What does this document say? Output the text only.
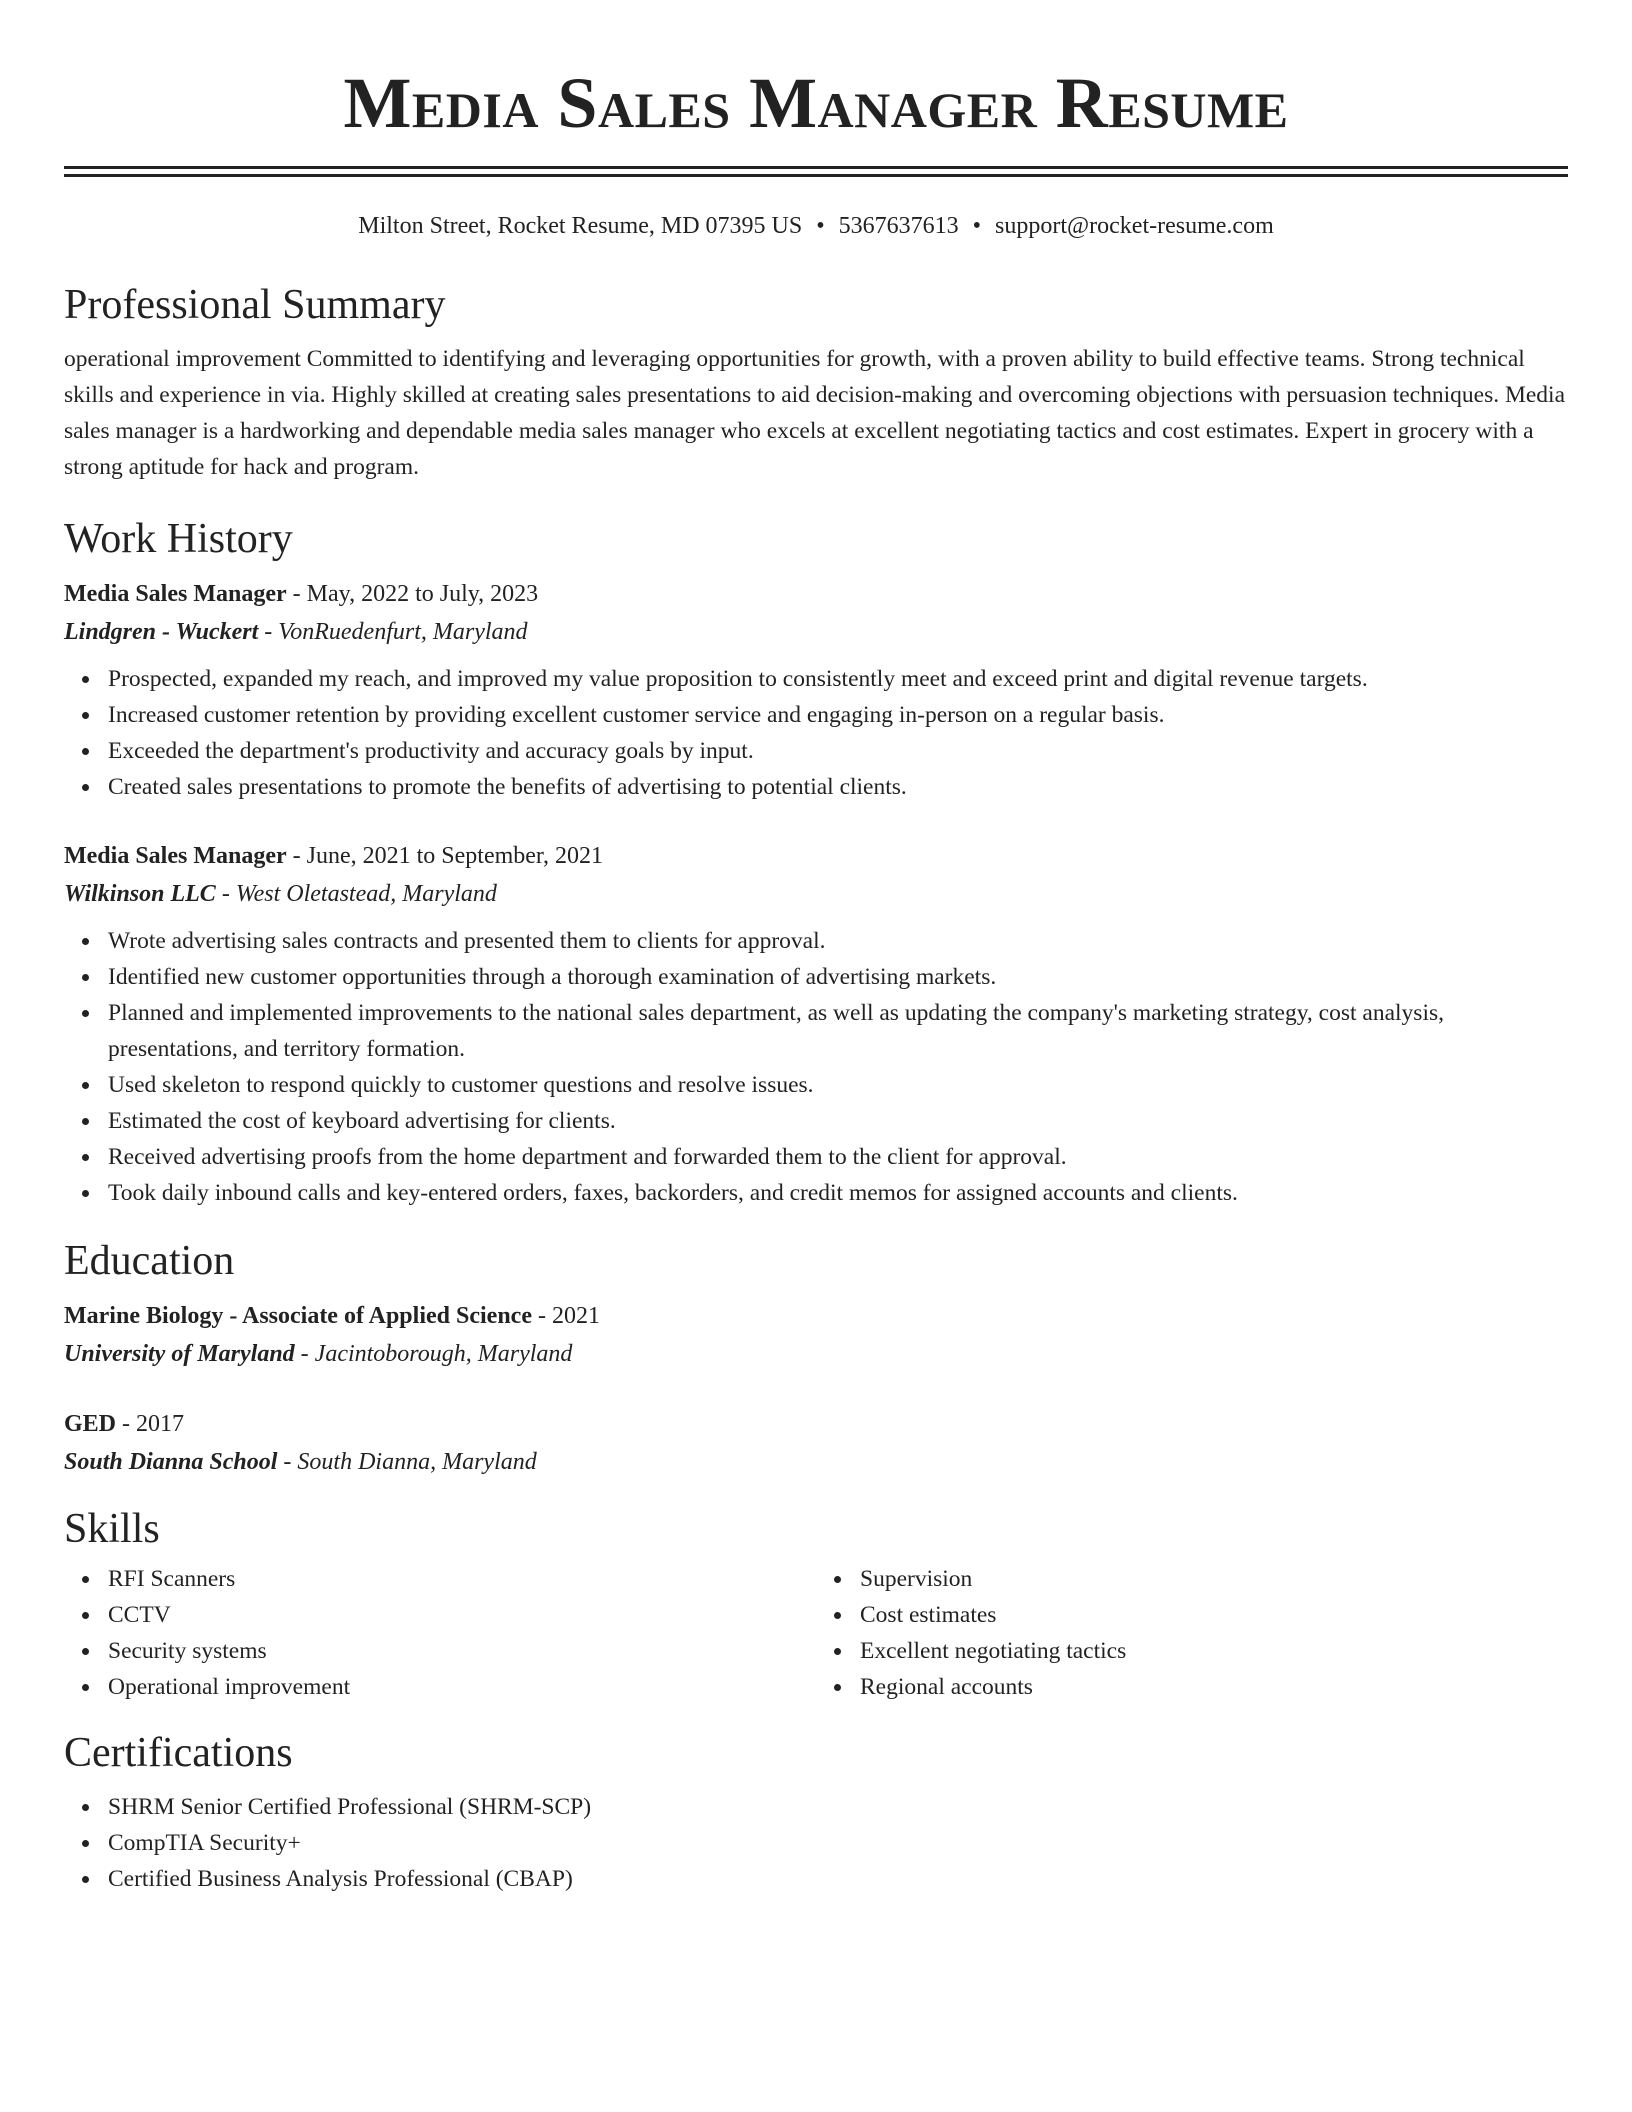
Media Sales Manager Resume
Milton Street, Rocket Resume, MD 07395 US • 5367637613 • support@rocket-resume.com
Professional Summary

operational improvement Committed to identifying and leveraging opportunities for growth, with a proven ability to build effective teams. Strong technical skills and experience in via. Highly skilled at creating sales presentations to aid decision-making and overcoming objections with persuasion techniques. Media sales manager is a hardworking and dependable media sales manager who excels at excellent negotiating tactics and cost estimates. Expert in grocery with a strong aptitude for hack and program.

Work History
Media Sales Manager - May, 2022 to July, 2023
Lindgren - Wuckert - VonRuedenfurt, Maryland
Prospected, expanded my reach, and improved my value proposition to consistently meet and exceed print and digital revenue targets.
Increased customer retention by providing excellent customer service and engaging in-person on a regular basis.
Exceeded the department's productivity and accuracy goals by input.
Created sales presentations to promote the benefits of advertising to potential clients.
Media Sales Manager - June, 2021 to September, 2021
Wilkinson LLC - West Oletastead, Maryland
Wrote advertising sales contracts and presented them to clients for approval.
Identified new customer opportunities through a thorough examination of advertising markets.
Planned and implemented improvements to the national sales department, as well as updating the company's marketing strategy, cost analysis, presentations, and territory formation.
Used skeleton to respond quickly to customer questions and resolve issues.
Estimated the cost of keyboard advertising for clients.
Received advertising proofs from the home department and forwarded them to the client for approval.
Took daily inbound calls and key-entered orders, faxes, backorders, and credit memos for assigned accounts and clients.
Education
Marine Biology - Associate of Applied Science - 2021
University of Maryland - Jacintoborough, Maryland
GED - 2017
South Dianna School - South Dianna, Maryland
Skills
RFI Scanners
CCTV
Security systems
Operational improvement
Supervision
Cost estimates
Excellent negotiating tactics
Regional accounts
Certifications
SHRM Senior Certified Professional (SHRM-SCP)
CompTIA Security+
Certified Business Analysis Professional (CBAP)
